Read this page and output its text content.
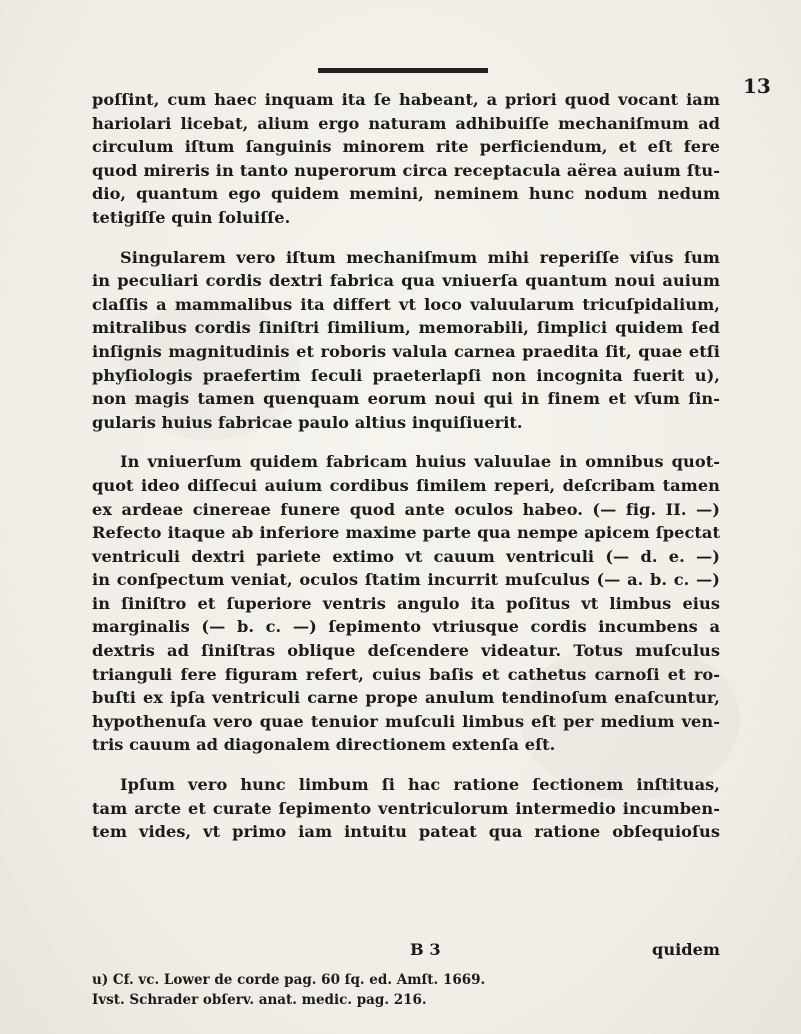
13

poſſint, cum haec inquam ita ſe habeant, a priori quod vocant iam
hariolari licebat, alium ergo naturam adhibuiſſe mechaniſmum ad
circulum iſtum ſanguinis minorem rite perficiendum, et eſt fere
quod mireris in tanto nuperorum circa receptacula aërea auium ſtu-
dio, quantum ego quidem memini, neminem hunc nodum nedum
tetigiſſe quin ſoluiſſe.

Singularem vero iſtum mechaniſmum mihi reperiſſe viſus ſum
in peculiari cordis dextri fabrica qua vniuerſa quantum noui auium
claſſis a mammalibus ita differt vt loco valuularum tricuſpidalium,
mitralibus cordis ſiniſtri ſimilium, memorabili, ſimplici quidem ſed
inſignis magnitudinis et roboris valula carnea praedita ſit, quae etſi
phyſiologis praefertim ſeculi praeterlapſi non incognita fuerit u),
non magis tamen quenquam eorum noui qui in finem et vſum ſin-
gularis huius fabricae paulo altius inquiſiuerit.

In vniuerſum quidem fabricam huius valuulae in omnibus quot-
quot ideo diſſecui auium cordibus ſimilem reperi, deſcribam tamen
ex ardeae cinereae funere quod ante oculos habeo. (— fig. II. —)
Refecto itaque ab inferiore maxime parte qua nempe apicem ſpectat
ventriculi dextri pariete extimo vt cauum ventriculi (— d. e. —)
in conſpectum veniat, oculos ſtatim incurrit muſculus (— a. b. c. —)
in ſiniſtro et ſuperiore ventris angulo ita poſitus vt limbus eius
marginalis (— b. c. —) ſepimento vtriusque cordis incumbens a
dextris ad ſiniſtras oblique deſcendere videatur. Totus muſculus
trianguli fere figuram refert, cuius baſis et cathetus carnoſi et ro-
buſti ex ipſa ventriculi carne prope anulum tendinoſum enaſcuntur,
hypothenuſa vero quae tenuior muſculi limbus eſt per medium ven-
tris cauum ad diagonalem directionem extenſa eſt.

Ipſum vero hunc limbum ſi hac ratione ſectionem inſtituas,
tam arcte et curate ſepimento ventriculorum intermedio incumben-
tem vides, vt primo iam intuitu pateat qua ratione obſequioſus

B 3	quidem
u) Cf. vc. Lower de corde pag. 60 ſq. ed. Amſt. 1669.
Ivst. Schrader obſerv. anat. medic. pag. 216.
